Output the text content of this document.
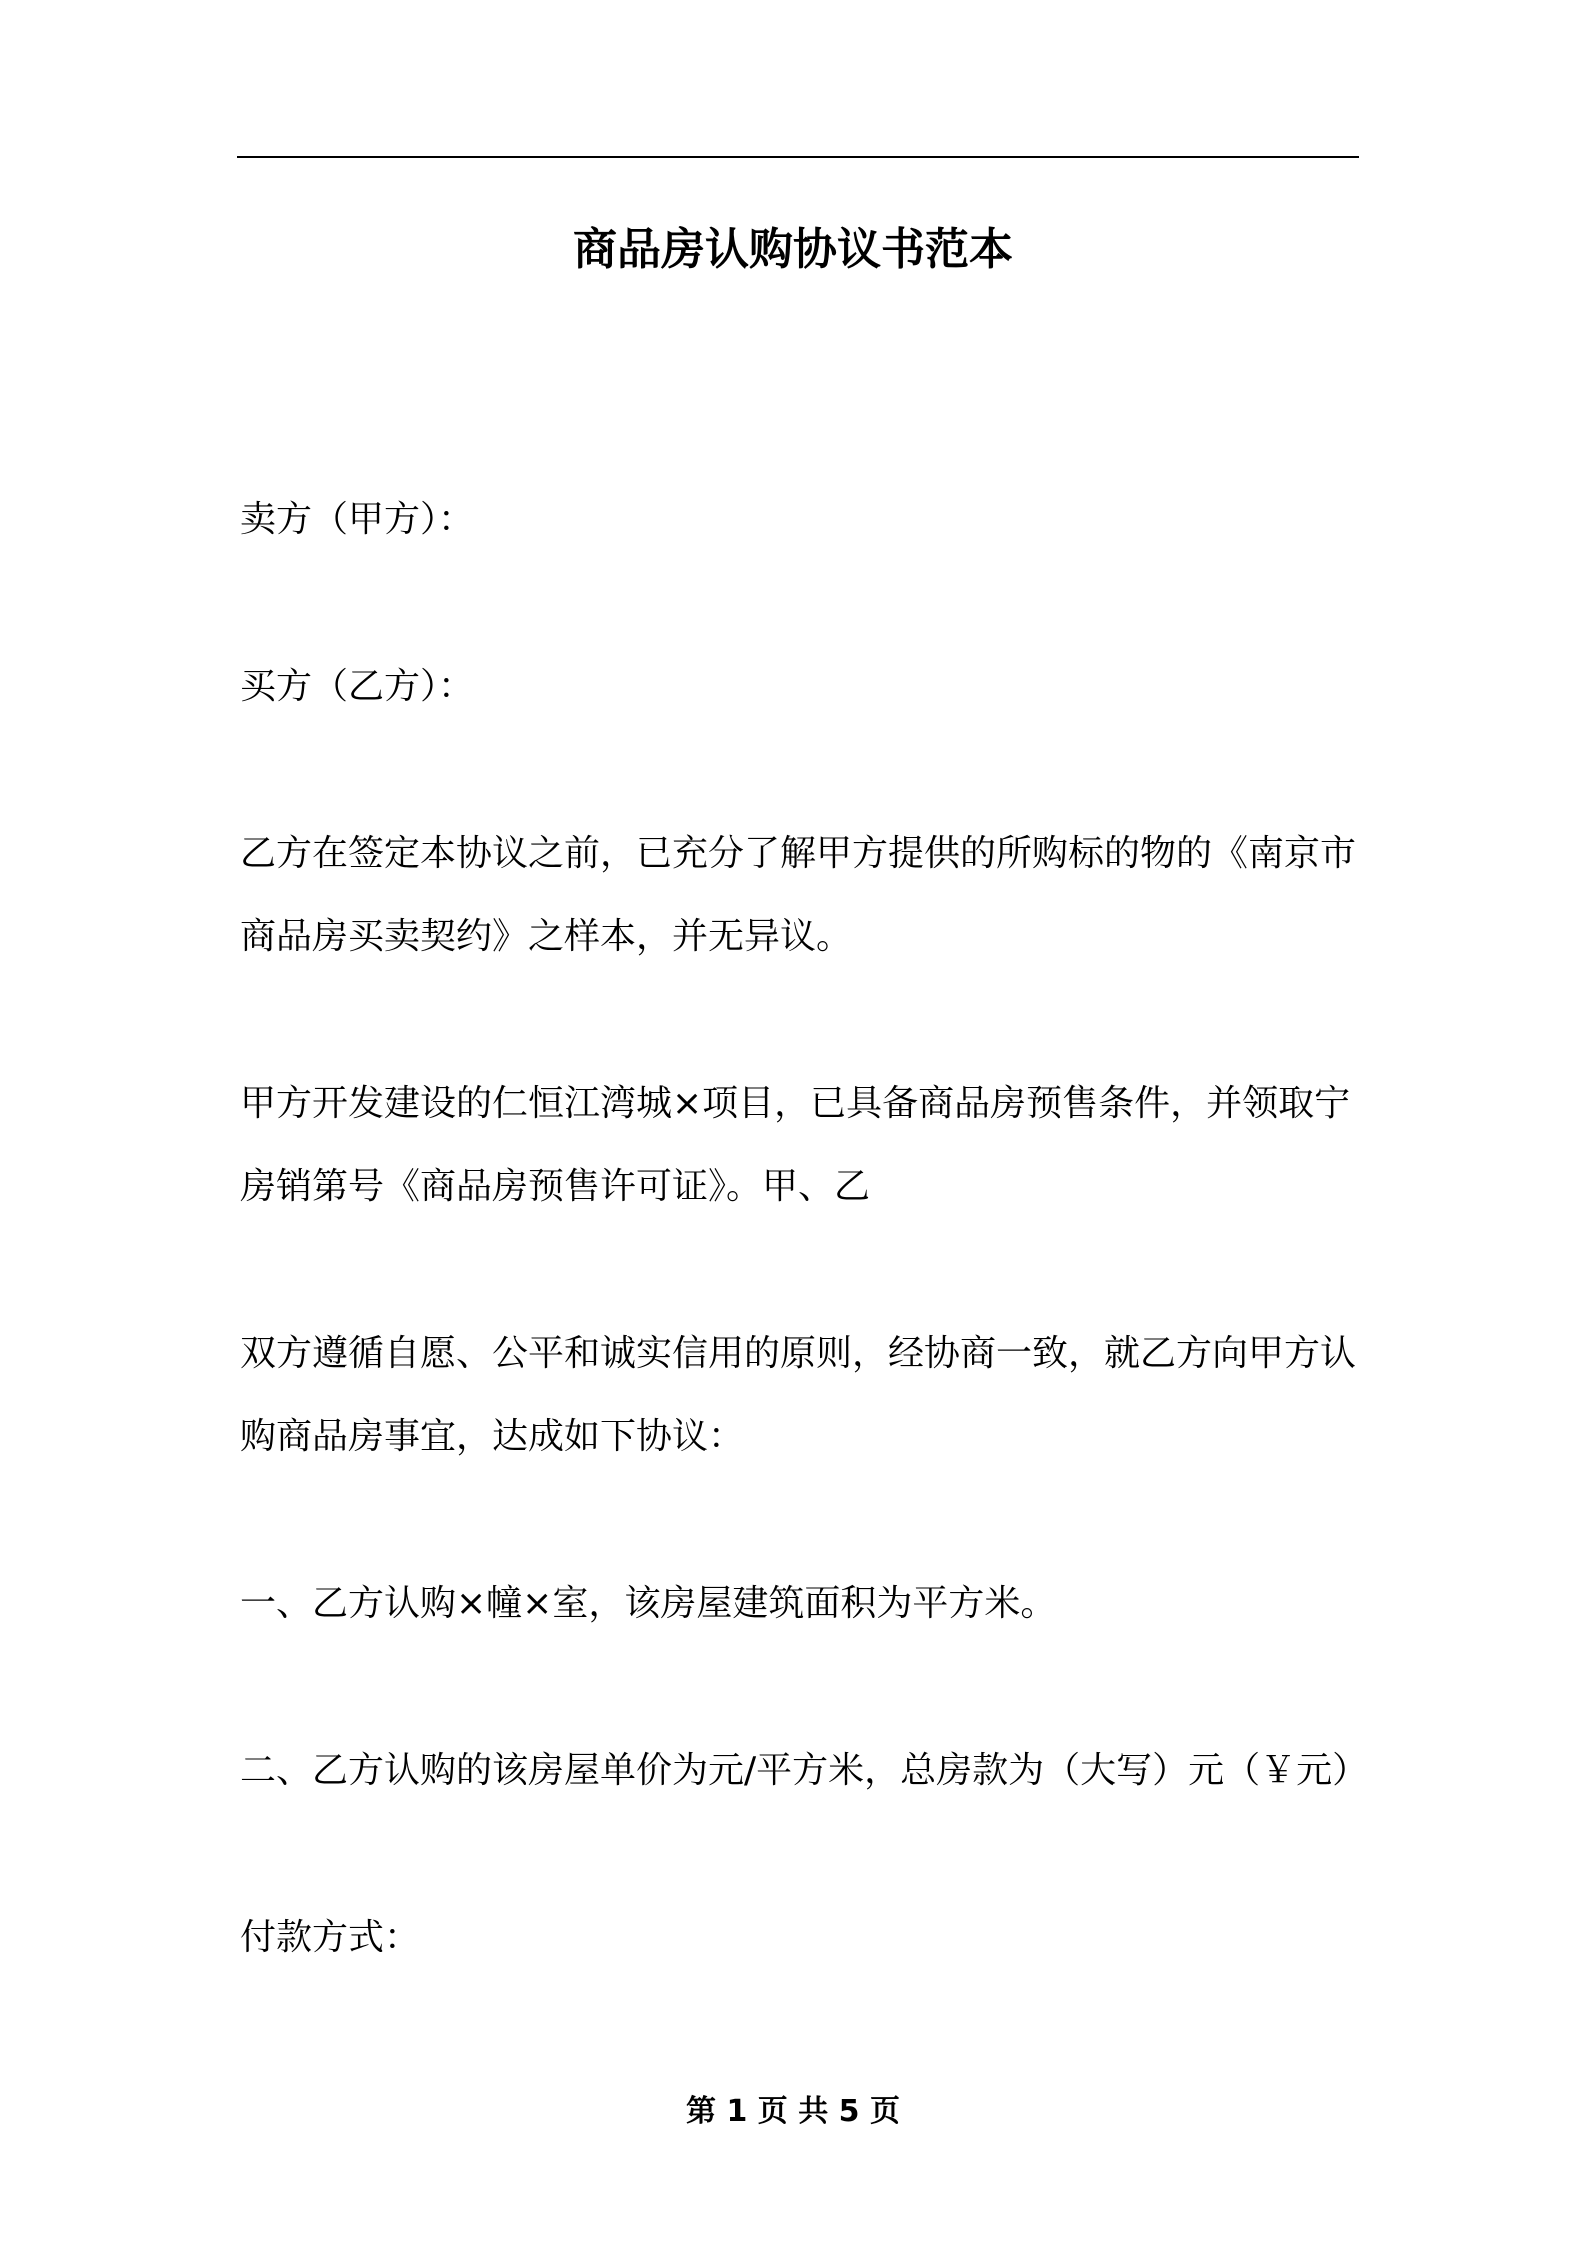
商品房认购协议书范本

卖方（甲方）：

买方（乙方）：

乙方在签定本协议之前，已充分了解甲方提供的所购标的物的《南京市商品房买卖契约》之样本，并无异议。

甲方开发建设的仁恒江湾城×项目，已具备商品房预售条件，并领取宁房销第号《商品房预售许可证》。甲、乙

双方遵循自愿、公平和诚实信用的原则，经协商一致，就乙方向甲方认购商品房事宜，达成如下协议：

一、乙方认购×幢×室，该房屋建筑面积为平方米。

二、乙方认购的该房屋单价为元/平方米，总房款为（大写）元（￥元）

付款方式：

第 1 页 共 5 页
